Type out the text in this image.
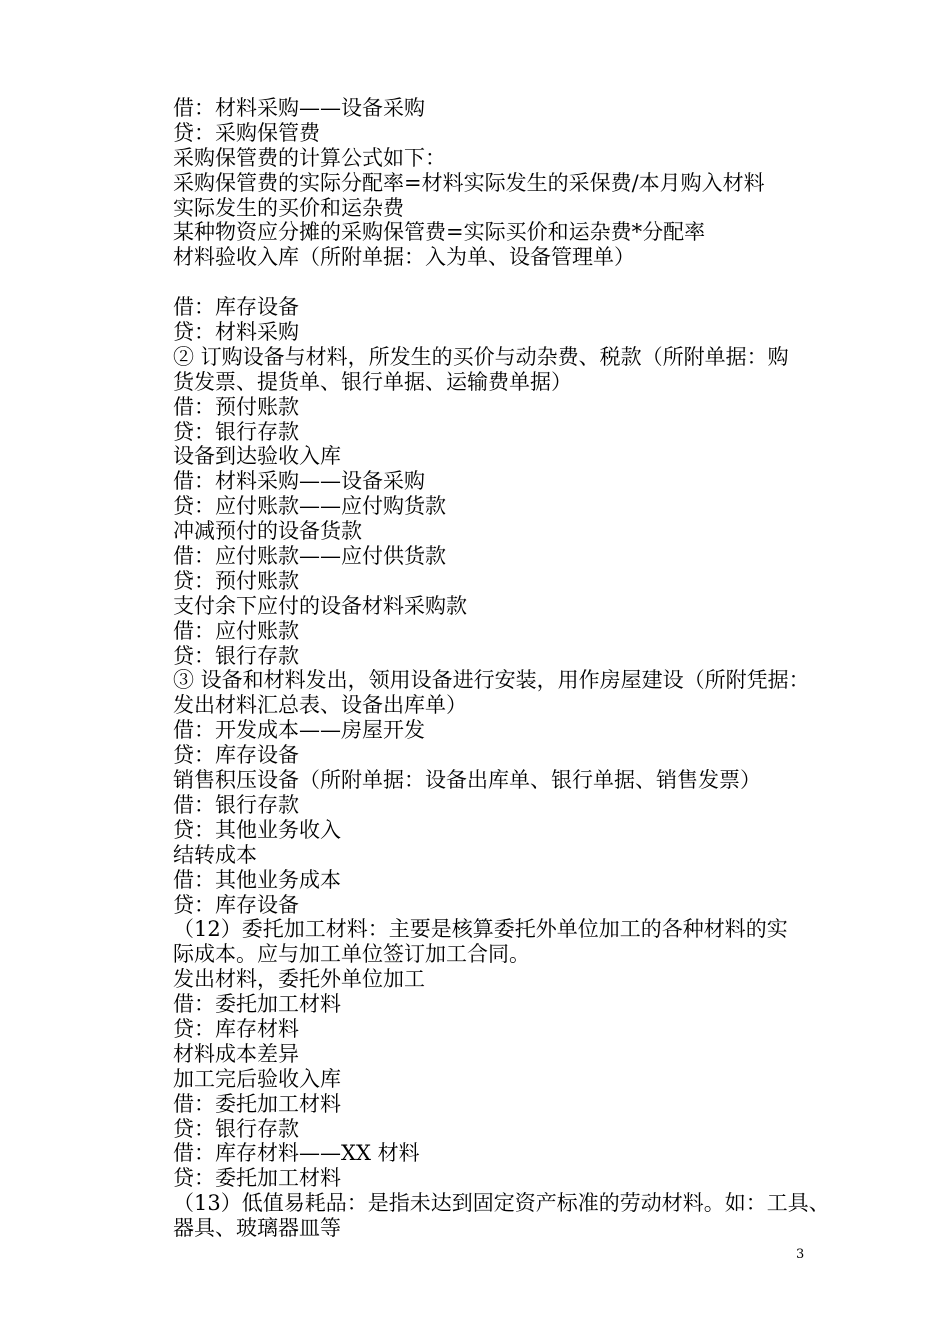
借：材料采购——设备采购
贷：采购保管费
采购保管费的计算公式如下：
采购保管费的实际分配率=材料实际发生的采保费/本月购入材料
实际发生的买价和运杂费
某种物资应分摊的采购保管费=实际买价和运杂费*分配率
材料验收入库（所附单据：入为单、设备管理单）
借：库存设备
贷：材料采购
② 订购设备与材料，所发生的买价与动杂费、税款（所附单据：购
货发票、提货单、银行单据、运输费单据）
借：预付账款
贷：银行存款
设备到达验收入库
借：材料采购——设备采购
贷：应付账款——应付购货款
冲减预付的设备货款
借：应付账款——应付供货款
贷：预付账款
支付余下应付的设备材料采购款
借：应付账款
贷：银行存款
③ 设备和材料发出，领用设备进行安装，用作房屋建设（所附凭据：
发出材料汇总表、设备出库单）
借：开发成本——房屋开发
贷：库存设备
销售积压设备（所附单据：设备出库单、银行单据、销售发票）
借：银行存款
贷：其他业务收入
结转成本
借：其他业务成本
贷：库存设备
（12）委托加工材料：主要是核算委托外单位加工的各种材料的实
际成本。应与加工单位签订加工合同。
发出材料，委托外单位加工
借：委托加工材料
贷：库存材料
材料成本差异
加工完后验收入库
借：委托加工材料
贷：银行存款
借：库存材料——XX 材料
贷：委托加工材料
（13）低值易耗品：是指未达到固定资产标准的劳动材料。如：工具、
器具、玻璃器皿等
3
